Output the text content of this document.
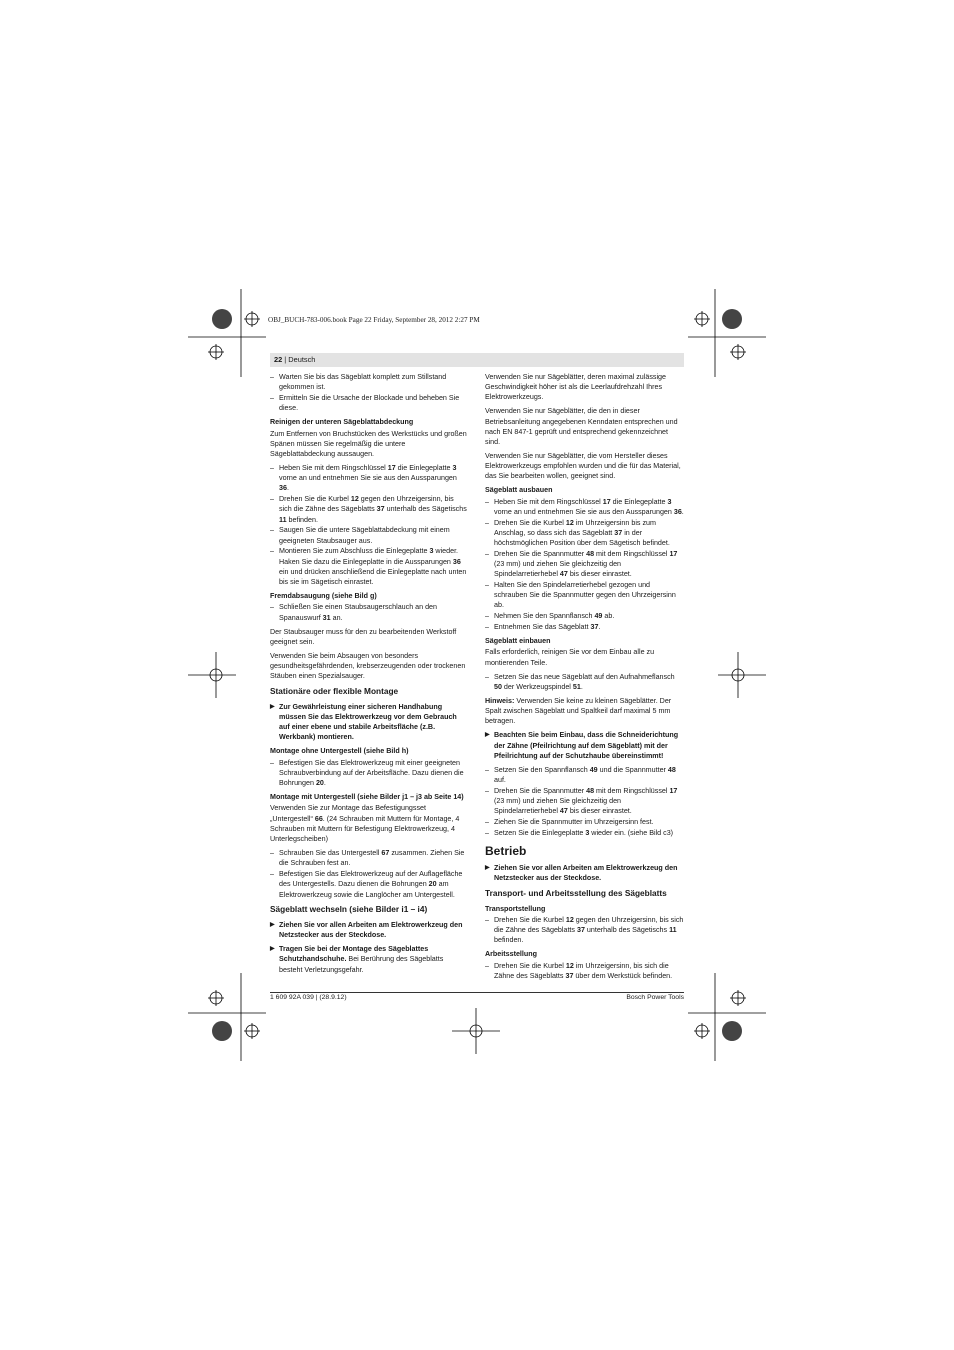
OBJ_BUCH-783-006.book Page 22 Friday, September 28, 2012 2:27 PM
22 | Deutsch
– Warten Sie bis das Sägeblatt komplett zum Stillstand gekommen ist.
– Ermitteln Sie die Ursache der Blockade und beheben Sie diese.
Reinigen der unteren Sägeblattabdeckung
Zum Entfernen von Bruchstücken des Werkstücks und großen Spänen müssen Sie regelmäßig die untere Sägeblattabdeckung aussaugen.
– Heben Sie mit dem Ringschlüssel 17 die Einlegeplatte 3 vorne an und entnehmen Sie sie aus den Aussparungen 36.
– Drehen Sie die Kurbel 12 gegen den Uhrzeigersinn, bis sich die Zähne des Sägeblatts 37 unterhalb des Sägetischs 11 befinden.
– Saugen Sie die untere Sägeblattabdeckung mit einem geeigneten Staubsauger aus.
– Montieren Sie zum Abschluss die Einlegeplatte 3 wieder. Haken Sie dazu die Einlegeplatte in die Aussparungen 36 ein und drücken anschließend die Einlegeplatte nach unten bis sie im Sägetisch einrastet.
Fremdabsaugung (siehe Bild g)
– Schließen Sie einen Staubsaugerschlauch an den Spanauswurf 31 an.
Der Staubsauger muss für den zu bearbeitenden Werkstoff geeignet sein.
Verwenden Sie beim Absaugen von besonders gesundheitsgefährdenden, krebserzeugenden oder trockenen Stäuben einen Spezialsauger.
Stationäre oder flexible Montage
▶ Zur Gewährleistung einer sicheren Handhabung müssen Sie das Elektrowerkzeug vor dem Gebrauch auf einer ebene und stabile Arbeitsfläche (z.B. Werkbank) montieren.
Montage ohne Untergestell (siehe Bild h)
– Befestigen Sie das Elektrowerkzeug mit einer geeigneten Schraubverbindung auf der Arbeitsfläche. Dazu dienen die Bohrungen 20.
Montage mit Untergestell (siehe Bilder j1 – j3 ab Seite 14)
Verwenden Sie zur Montage das Befestigungsset „Untergestell“ 66. (24 Schrauben mit Muttern für Montage, 4 Schrauben mit Muttern für Befestigung Elektrowerkzeug, 4 Unterlegscheiben)
– Schrauben Sie das Untergestell 67 zusammen. Ziehen Sie die Schrauben fest an.
– Befestigen Sie das Elektrowerkzeug auf der Auflagefläche des Untergestells. Dazu dienen die Bohrungen 20 am Elektrowerkzeug sowie die Langlöcher am Untergestell.
Sägeblatt wechseln (siehe Bilder i1 – i4)
▶ Ziehen Sie vor allen Arbeiten am Elektrowerkzeug den Netzstecker aus der Steckdose.
▶ Tragen Sie bei der Montage des Sägeblattes Schutzhandschuhe. Bei Berührung des Sägeblatts besteht Verletzungsgefahr.
Verwenden Sie nur Sägeblätter, deren maximal zulässige Geschwindigkeit höher ist als die Leerlaufdrehzahl Ihres Elektrowerkzeugs.
Verwenden Sie nur Sägeblätter, die den in dieser Betriebsanleitung angegebenen Kenndaten entsprechen und nach EN 847-1 geprüft und entsprechend gekennzeichnet sind.
Verwenden Sie nur Sägeblätter, die vom Hersteller dieses Elektrowerkzeugs empfohlen wurden und die für das Material, das Sie bearbeiten wollen, geeignet sind.
Sägeblatt ausbauen
– Heben Sie mit dem Ringschlüssel 17 die Einlegeplatte 3 vorne an und entnehmen Sie sie aus den Aussparungen 36.
– Drehen Sie die Kurbel 12 im Uhrzeigersinn bis zum Anschlag, so dass sich das Sägeblatt 37 in der höchstmöglichen Position über dem Sägetisch befindet.
– Drehen Sie die Spannmutter 48 mit dem Ringschlüssel 17 (23 mm) und ziehen Sie gleichzeitig den Spindelarretierhebel 47 bis dieser einrastet.
– Halten Sie den Spindelarretierhebel gezogen und schrauben Sie die Spannmutter gegen den Uhrzeigersinn ab.
– Nehmen Sie den Spannflansch 49 ab.
– Entnehmen Sie das Sägeblatt 37.
Sägeblatt einbauen
Falls erforderlich, reinigen Sie vor dem Einbau alle zu montierenden Teile.
– Setzen Sie das neue Sägeblatt auf den Aufnahmeflansch 50 der Werkzeugspindel 51.
Hinweis: Verwenden Sie keine zu kleinen Sägeblätter. Der Spalt zwischen Sägeblatt und Spaltkeil darf maximal 5 mm betragen.
▶ Beachten Sie beim Einbau, dass die Schneiderichtung der Zähne (Pfeilrichtung auf dem Sägeblatt) mit der Pfeilrichtung auf der Schutzhaube übereinstimmt!
– Setzen Sie den Spannflansch 49 und die Spannmutter 48 auf.
– Drehen Sie die Spannmutter 48 mit dem Ringschlüssel 17 (23 mm) und ziehen Sie gleichzeitig den Spindelarretierhebel 47 bis dieser einrastet.
– Ziehen Sie die Spannmutter im Uhrzeigersinn fest.
– Setzen Sie die Einlegeplatte 3 wieder ein. (siehe Bild c3)
Betrieb
▶ Ziehen Sie vor allen Arbeiten am Elektrowerkzeug den Netzstecker aus der Steckdose.
Transport- und Arbeitsstellung des Sägeblatts
Transportstellung
– Drehen Sie die Kurbel 12 gegen den Uhrzeigersinn, bis sich die Zähne des Sägeblatts 37 unterhalb des Sägetischs 11 befinden.
Arbeitsstellung
– Drehen Sie die Kurbel 12 im Uhrzeigersinn, bis sich die Zähne des Sägeblatts 37 über dem Werkstück befinden.
1 609 92A 039 | (28.9.12)	Bosch Power Tools
